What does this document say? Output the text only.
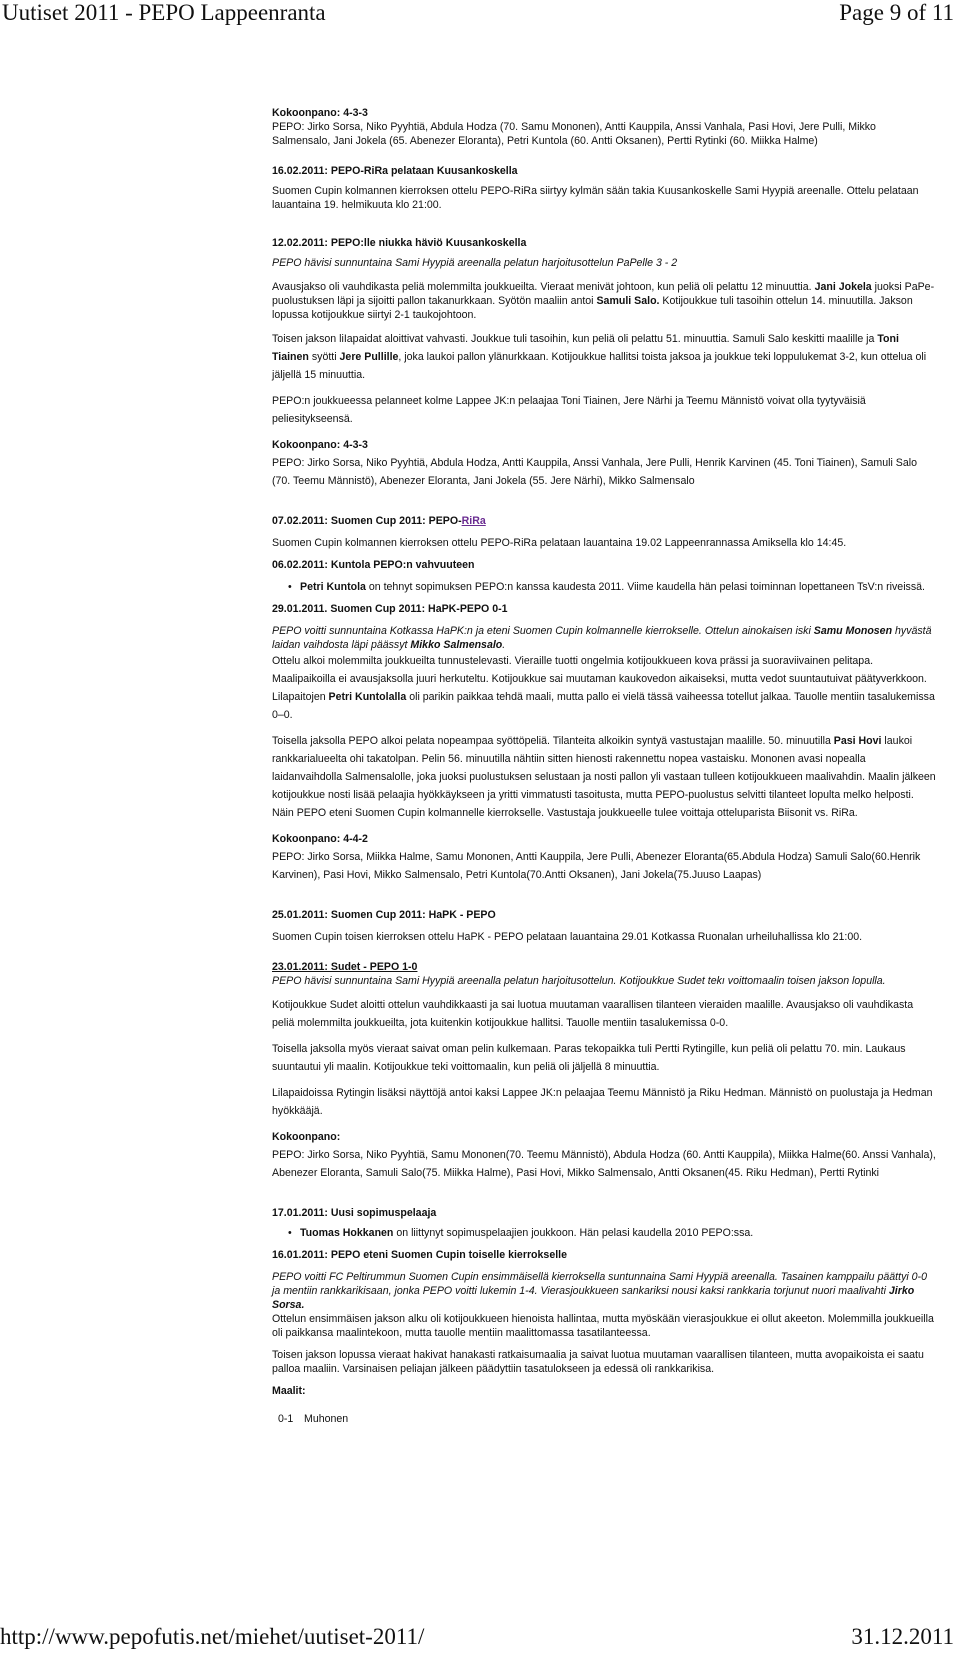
Uutiset 2011 - PEPO Lappeenranta	Page 9 of 11
Kokoonpano: 4-3-3

PEPO: Jirko Sorsa, Niko Pyyhtiä, Abdula Hodza (70. Samu Mononen), Antti Kauppila, Anssi Vanhala, Pasi Hovi, Jere Pulli, Mikko Salmensalo, Jani Jokela (65. Abenezer Eloranta), Petri Kuntola (60. Antti Oksanen), Pertti Rytinki (60. Miikka Halme)

16.02.2011: PEPO-RiRa pelataan Kuusankoskella

Suomen Cupin kolmannen kierroksen ottelu PEPO-RiRa siirtyy kylmän sään takia Kuusankoskelle Sami Hyypiä areenalle. Ottelu pelataan lauantaina 19. helmikuuta klo 21:00.

12.02.2011: PEPO:lle niukka häviö Kuusankoskella

PEPO hävisi sunnuntaina Sami Hyypiä areenalla pelatun harjoitusottelun PaPelle 3 - 2

Avausjakso oli vauhdikasta peliä molemmilta joukkueilta. Vieraat menivät johtoon, kun peliä oli pelattu 12 minuuttia. Jani Jokela juoksi PaPe-puolustuksen läpi ja sijoitti pallon takanurkkaan. Syötön maaliin antoi Samuli Salo. Kotijoukkue tuli tasoihin ottelun 14. minuutilla. Jakson lopussa kotijoukkue siirtyi 2-1 taukojohtoon.

Toisen jakson liIapaidat aloittivat vahvasti. Joukkue tuli tasoihin, kun peliä oli pelattu 51. minuuttia. Samuli Salo keskitti maalille ja Toni Tiainen syötti Jere Pullille, joka laukoi pallon ylänurkkaan. Kotijoukkue hallitsi toista jaksoa ja joukkue teki loppulukemat 3-2, kun ottelua oli jäljellä 15 minuuttia.

PEPO:n joukkueessa pelanneet kolme Lappee JK:n pelaajaa Toni Tiainen, Jere Närhi ja Teemu Männistö voivat olla tyytyväisiä peliesitykseensä.

Kokoonpano: 4-3-3

PEPO: Jirko Sorsa, Niko Pyyhtiä, Abdula Hodza, Antti Kauppila, Anssi Vanhala, Jere Pulli, Henrik Karvinen (45. Toni Tiainen), Samuli Salo (70. Teemu Männistö), Abenezer Eloranta, Jani Jokela (55. Jere Närhi), Mikko Salmensalo

07.02.2011: Suomen Cup 2011: PEPO-RiRa

Suomen Cupin kolmannen kierroksen ottelu PEPO-RiRa pelataan lauantaina 19.02 Lappeenrannassa Amiksella klo 14:45.

06.02.2011: Kuntola PEPO:n vahvuuteen
• Petri Kuntola on tehnyt sopimuksen PEPO:n kanssa kaudesta 2011. Viime kaudella hän pelasi toiminnan lopettaneen TsV:n riveissä.
29.01.2011. Suomen Cup 2011: HaPK-PEPO 0-1

PEPO voitti sunnuntaina Kotkassa HaPK:n ja eteni Suomen Cupin kolmannelle kierrokselle. Ottelun ainokaisen iski Samu Monosen hyvästä laidan vaihdosta läpi päässyt Mikko Salmensalo.

Ottelu alkoi molemmilta joukkueilta tunnustelevasti. Vieraille tuotti ongelmia kotijoukkueen kova prässi ja suoraviivainen pelitapa. Maalipaikoilla ei avausjaksolla juuri herkuteltu. Kotijoukkue sai muutaman kaukovedon aikaiseksi, mutta vedot suuntautuivat päätyverkkoon. Lilapaitojen Petri Kuntolalla oli parikin paikkaa tehdä maali, mutta pallo ei vielä tässä vaiheessa totellut jalkaa. Tauolle mentiin tasalukemissa 0–0.

Toisella jaksolla PEPO alkoi pelata nopeampaa syöttöpeliä. Tilanteita alkoikin syntyä vastustajan maalille. 50. minuutilla Pasi Hovi laukoi rankkarialueelta ohi takatolpan. Pelin 56. minuutilla nähtiin sitten hienosti rakennettu nopea vastaisku. Mononen avasi nopealla laidanvaihdolla Salmensalolle, joka juoksi puolustuksen selustaan ja nosti pallon yli vastaan tulleen kotijoukkueen maalivahdin. Maalin jälkeen kotijoukkue nosti lisää pelaajia hyökkäykseen ja yritti vimmatusti tasoitusta, mutta PEPO-puolustus selvitti tilanteet lopulta melko helposti. Näin PEPO eteni Suomen Cupin kolmannelle kierrokselle. Vastustaja joukkueelle tulee voittaja otteluparista Biisonit vs. RiRa.

Kokoonpano: 4-4-2

PEPO: Jirko Sorsa, Miikka Halme, Samu Mononen, Antti Kauppila, Jere Pulli, Abenezer Eloranta(65.Abdula Hodza) Samuli Salo(60.Henrik Karvinen), Pasi Hovi, Mikko Salmensalo, Petri Kuntola(70.Antti Oksanen), Jani Jokela(75.Juuso Laapas)

25.01.2011: Suomen Cup 2011: HaPK - PEPO

Suomen Cupin toisen kierroksen ottelu HaPK - PEPO pelataan lauantaina 29.01 Kotkassa Ruonalan urheiluhallissa klo 21:00.

23.01.2011: Sudet - PEPO 1-0

PEPO hävisi sunnuntaina Sami Hyypiä areenalla pelatun harjoitusottelun. Kotijoukkue Sudet tekı voittomaalin toisen jakson lopulla.

Kotijoukkue Sudet aloitti ottelun vauhdikkaasti ja sai luotua muutaman vaarallisen tilanteen vieraiden maalille. Avausjakso oli vauhdikasta peliä molemmilta joukkueilta, jota kuitenkin kotijoukkue hallitsi. Tauolle mentiin tasalukemissa 0-0.

Toisella jaksolla myös vieraat saivat oman pelin kulkemaan. Paras tekopaikka tuli Pertti Rytingille, kun peliä oli pelattu 70. min. Laukaus suuntautui yli maalin. Kotijoukkue teki voittomaalin, kun peliä oli jäljellä 8 minuuttia.

Lilapaidoissa Rytingin lisäksi näyttöjä antoi kaksi Lappee JK:n pelaajaa Teemu Männistö ja Riku Hedman. Männistö on puolustaja ja Hedman hyökkääjä.

Kokoonpano:

PEPO: Jirko Sorsa, Niko Pyyhtiä, Samu Mononen(70. Teemu Männistö), Abdula Hodza (60. Antti Kauppila), Miikka Halme(60. Anssi Vanhala), Abenezer Eloranta, Samuli Salo(75. Miikka Halme), Pasi Hovi, Mikko Salmensalo, Antti Oksanen(45. Riku Hedman), Pertti Rytinki

17.01.2011: Uusi sopimuspelaaja
• Tuomas Hokkanen on liittynyt sopimuspelaajien joukkoon. Hän pelasi kaudella 2010 PEPO:ssa.
16.01.2011: PEPO eteni Suomen Cupin toiselle kierrokselle

PEPO voitti FC Peltirummun Suomen Cupin ensimmäisellä kierroksella suntunnaina Sami Hyypiä areenalla. Tasainen kamppailu päättyi 0-0 ja mentiin rankkarikisaan, jonka PEPO voitti lukemin 1-4. Vierasjoukkueen sankariksi nousi kaksi rankkaria torjunut nuori maalivahti Jirko Sorsa.

Ottelun ensimmäisen jakson alku oli kotijoukkueen hienoista hallintaa, mutta myöskään vierasjoukkue ei ollut akeeton. Molemmilla joukkueilla oli paikkansa maalintekoon, mutta tauolle mentiin maalittomassa tasatilanteessa.

Toisen jakson lopussa vieraat hakivat hanakasti ratkaisumaalia ja saivat luotua muutaman vaarallisen tilanteen, mutta avopaikoista ei saatu palloa maaliin. Varsinaisen peliajan jälkeen päädyttiin tasatulokseen ja edessä oli rankkarikisa.

Maalit:
0-1 Muhonen
http://www.pepofutis.net/miehet/uutiset-2011/	31.12.2011
